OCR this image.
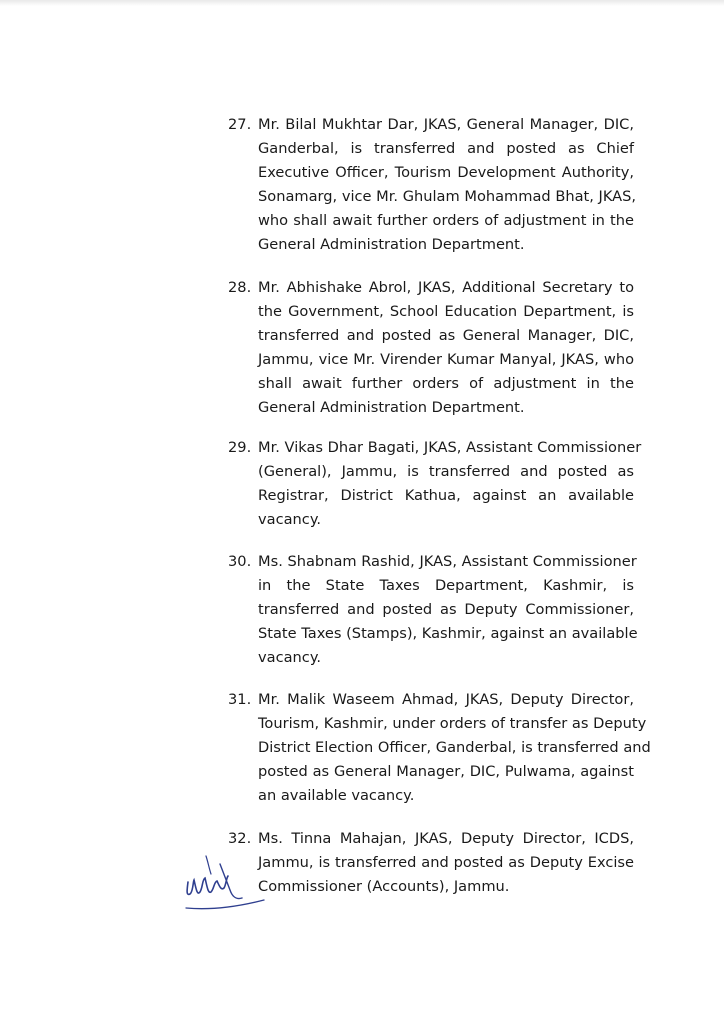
27. Mr. Bilal Mukhtar Dar, JKAS, General Manager, DIC,
Ganderbal, is transferred and posted as Chief
Executive Officer, Tourism Development Authority,
Sonamarg, vice Mr. Ghulam Mohammad Bhat, JKAS,
who shall await further orders of adjustment in the
General Administration Department.
28. Mr. Abhishake Abrol, JKAS, Additional Secretary to
the Government, School Education Department, is
transferred and posted as General Manager, DIC,
Jammu, vice Mr. Virender Kumar Manyal, JKAS, who
shall await further orders of adjustment in the
General Administration Department.
29. Mr. Vikas Dhar Bagati, JKAS, Assistant Commissioner
(General), Jammu, is transferred and posted as
Registrar, District Kathua, against an available
vacancy.
30. Ms. Shabnam Rashid, JKAS, Assistant Commissioner
in the State Taxes Department, Kashmir, is
transferred and posted as Deputy Commissioner,
State Taxes (Stamps), Kashmir, against an available
vacancy.
31. Mr. Malik Waseem Ahmad, JKAS, Deputy Director,
Tourism, Kashmir, under orders of transfer as Deputy
District Election Officer, Ganderbal, is transferred and
posted as General Manager, DIC, Pulwama, against
an available vacancy.
32. Ms. Tinna Mahajan, JKAS, Deputy Director, ICDS,
Jammu, is transferred and posted as Deputy Excise
Commissioner (Accounts), Jammu.
